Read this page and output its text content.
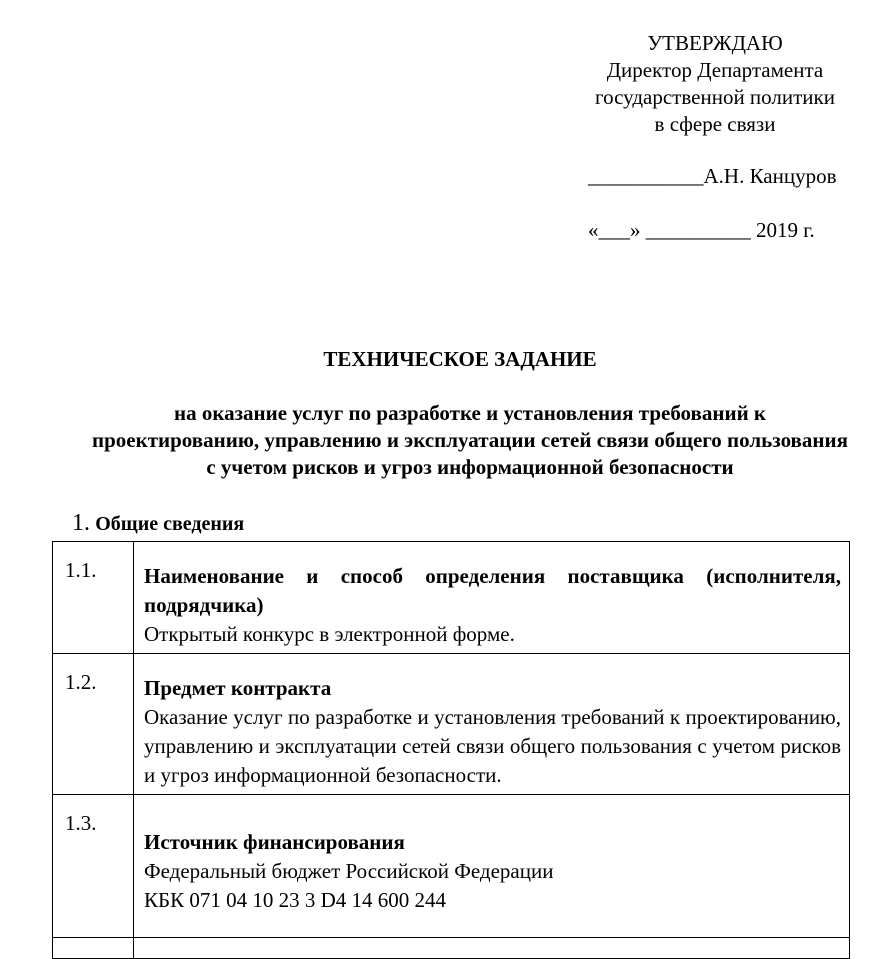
УТВЕРЖДАЮ
Директор Департамента
государственной политики
в сфере связи
___________А.Н. Канцуров
«___» __________ 2019 г.
ТЕХНИЧЕСКОЕ ЗАДАНИЕ
на оказание услуг по разработке и установления требований к проектированию, управлению и эксплуатации сетей связи общего пользования с учетом рисков и угроз информационной безопасности
1. Общие сведения
1.1.	Наименование и способ определения поставщика (исполнителя, подрядчика)
Открытый конкурс в электронной форме.

1.2.	Предмет контракта
Оказание услуг по разработке и установления требований к проектированию, управлению и эксплуатации сетей связи общего пользования с учетом рисков и угроз информационной безопасности.

1.3.	Источник финансирования
Федеральный бюджет Российской Федерации
КБК 071 04 10 23 3 D4 14 600 244
